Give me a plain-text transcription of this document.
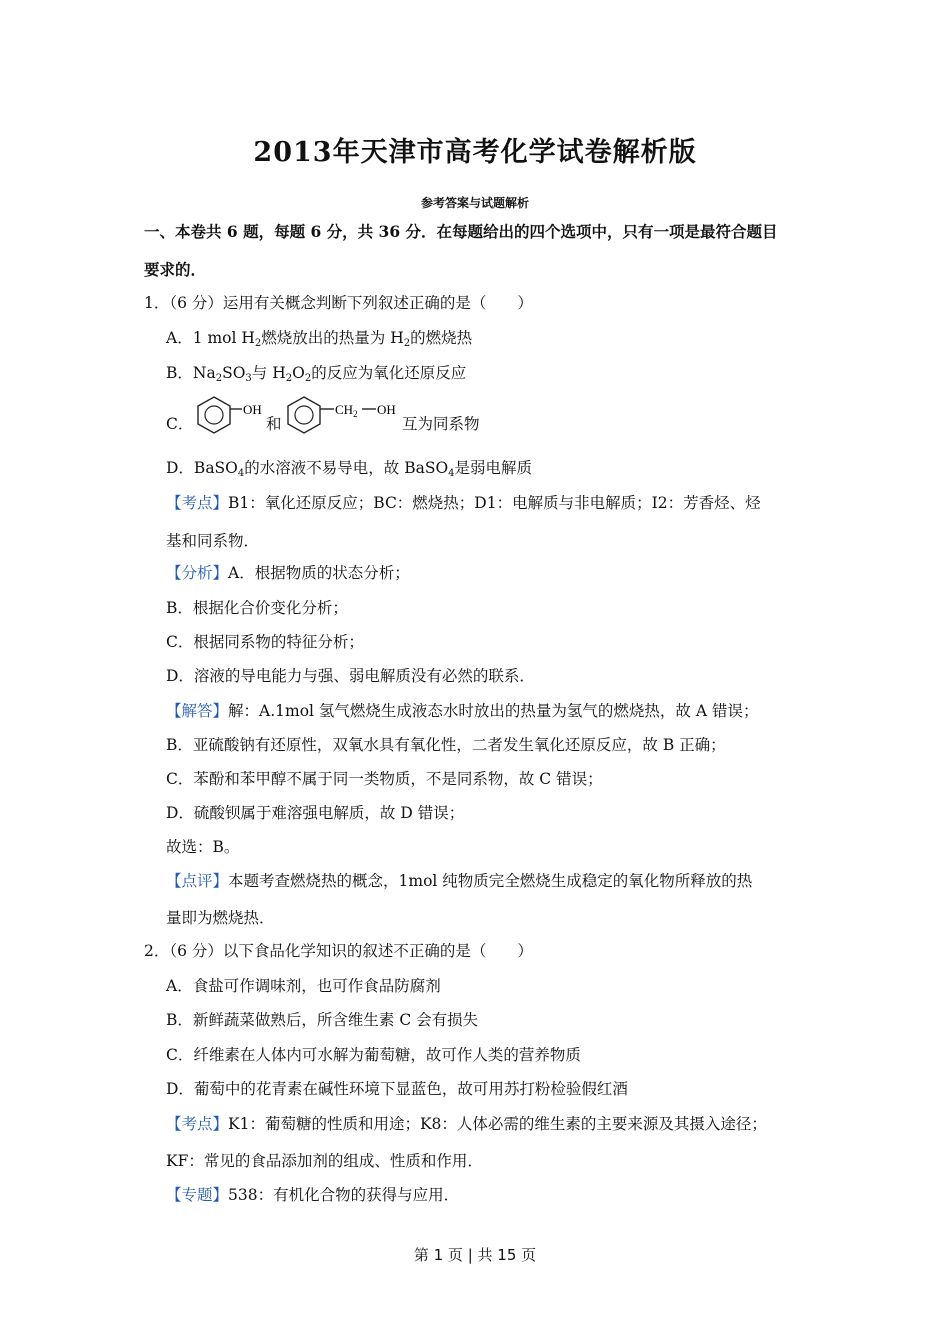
2013年天津市高考化学试卷解析版
参考答案与试题解析
一、本卷共 6 题，每题 6 分，共 36 分．在每题给出的四个选项中，只有一项是最符合题目
要求的．
1．（6 分）运用有关概念判断下列叙述正确的是（　　）
A．1 mol $H_2$燃烧放出的热量为 $H_2$的燃烧热
B．$Na_2SO_3$与 $H_2O_2$的反应为氧化还原反应
C．
OH
和
$CH_2$ OH
互为同系物
D．BaSO$_4$的水溶液不易导电，故 BaSO$_4$是弱电解质
【考点】B1：氧化还原反应；BC：燃烧热；D1：电解质与非电解质；I2：芳香烃、烃
基和同系物．
【分析】A．根据物质的状态分析；
B．根据化合价变化分析；
C．根据同系物的特征分析；
D．溶液的导电能力与强、弱电解质没有必然的联系．
【解答】解：A.1mol 氢气燃烧生成液态水时放出的热量为氢气的燃烧热，故 A 错误；
B．亚硫酸钠有还原性，双氧水具有氧化性，二者发生氧化还原反应，故 B 正确；
C．苯酚和苯甲醇不属于同一类物质，不是同系物，故 C 错误；
D．硫酸钡属于难溶强电解质，故 D 错误；
故选：B。
【点评】本题考查燃烧热的概念，1mol 纯物质完全燃烧生成稳定的氧化物所释放的热
量即为燃烧热．
2．（6 分）以下食品化学知识的叙述不正确的是（　　）
A．食盐可作调味剂，也可作食品防腐剂
B．新鲜蔬菜做熟后，所含维生素 C 会有损失
C．纤维素在人体内可水解为葡萄糖，故可作人类的营养物质
D．葡萄中的花青素在碱性环境下显蓝色，故可用苏打粉检验假红酒
【考点】K1：葡萄糖的性质和用途；K8：人体必需的维生素的主要来源及其摄入途径；
KF：常见的食品添加剂的组成、性质和作用．
【专题】538：有机化合物的获得与应用．
第 1 页 | 共 15 页
